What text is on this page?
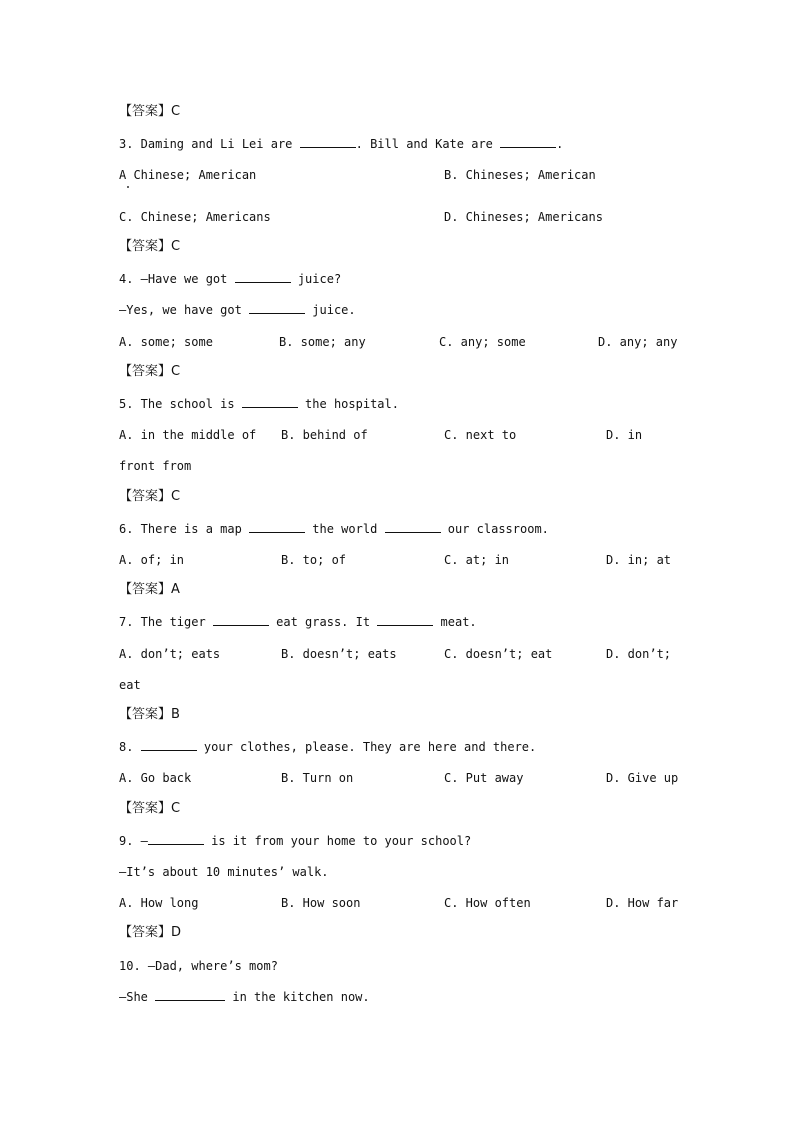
【答案】C
3. Daming and Li Lei are	. Bill and Kate are	.
A Chinese; American	B. Chineses; American
C. Chinese; Americans	D. Chineses; Americans
【答案】C
4. —Have we got	juice?
—Yes, we have got	juice.
A. some; some	B. some; any	C. any; some	D. any; any
【答案】C
5. The school is	the hospital.
A. in the middle of B. behind of	C. next to	D. in
front from
【答案】C
6. There is a map	the world	our classroom.
A. of; in	B. to; of	C. at; in	D. in; at
【答案】A
7. The tiger	eat grass. It	meat.
A. don’t; eats	B. doesn’t; eats	C. doesn’t; eat	D. don’t;
eat
【答案】B
8.	your clothes, please. They are here and there.
A. Go back	B. Turn on	C. Put away	D. Give up
【答案】C
9. —	is it from your home to your school?
—It’s about 10 minutes’ walk.
A. How long	B. How soon	C. How often	D. How far
【答案】D
10. —Dad, where’s mom?
—She	in the kitchen now.
